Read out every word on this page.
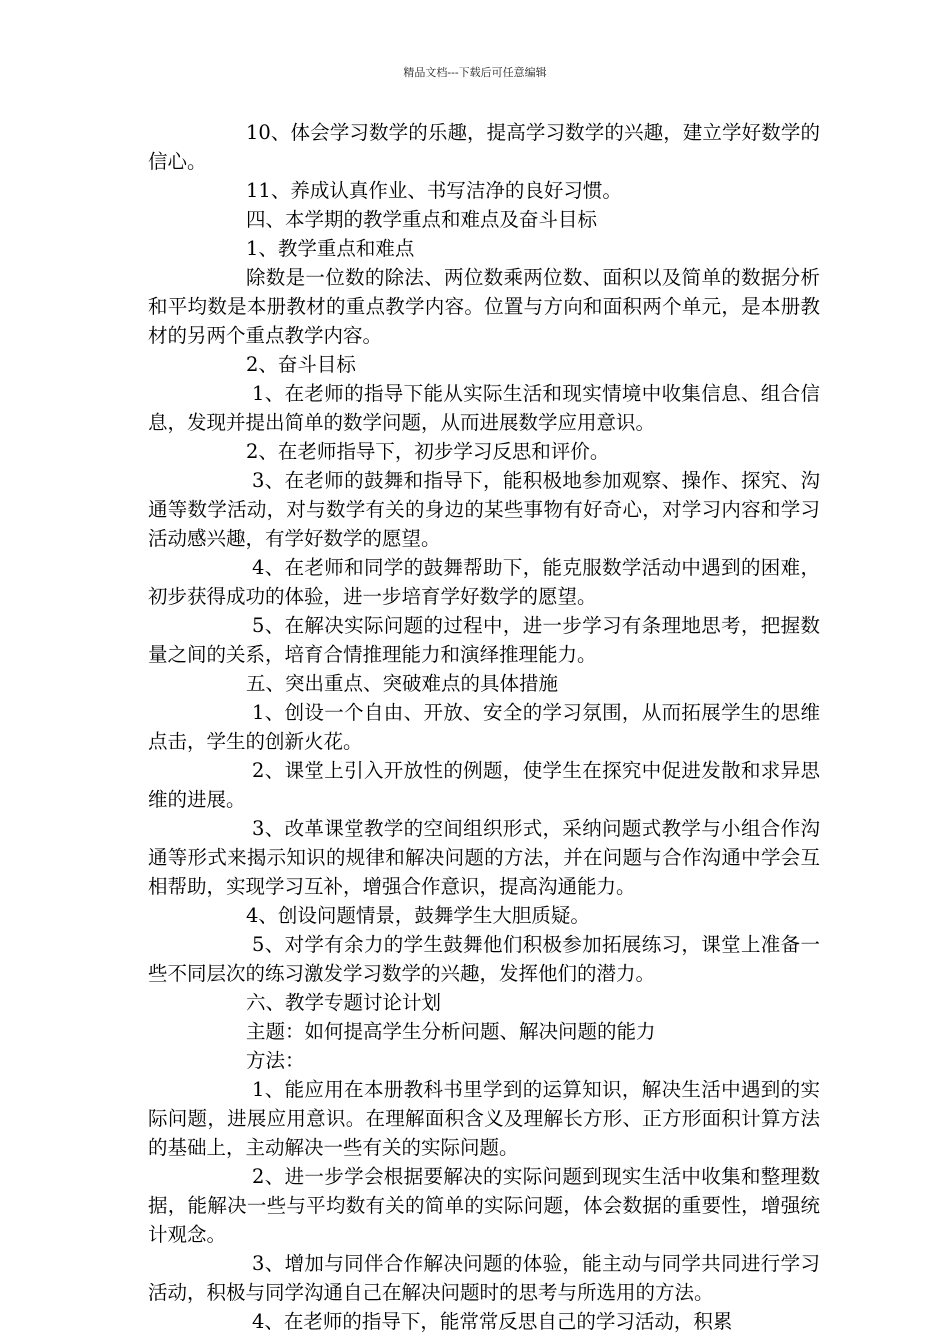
精品文档---下载后可任意编辑

10、体会学习数学的乐趣，提高学习数学的兴趣，建立学好数学的信心。

11、养成认真作业、书写洁净的良好习惯。

四、本学期的教学重点和难点及奋斗目标

1、教学重点和难点

除数是一位数的除法、两位数乘两位数、面积以及简单的数据分析和平均数是本册教材的重点教学内容。位置与方向和面积两个单元，是本册教材的另两个重点教学内容。

2、奋斗目标

1、在老师的指导下能从实际生活和现实情境中收集信息、组合信息，发现并提出简单的数学问题，从而进展数学应用意识。

2、在老师指导下，初步学习反思和评价。

3、在老师的鼓舞和指导下，能积极地参加观察、操作、探究、沟通等数学活动，对与数学有关的身边的某些事物有好奇心，对学习内容和学习活动感兴趣，有学好数学的愿望。

4、在老师和同学的鼓舞帮助下，能克服数学活动中遇到的困难，初步获得成功的体验，进一步培育学好数学的愿望。

5、在解决实际问题的过程中，进一步学习有条理地思考，把握数量之间的关系，培育合情推理能力和演绎推理能力。

五、突出重点、突破难点的具体措施

1、创设一个自由、开放、安全的学习氛围，从而拓展学生的思维点击，学生的创新火花。

2、课堂上引入开放性的例题，使学生在探究中促进发散和求异思维的进展。

3、改革课堂教学的空间组织形式，采纳问题式教学与小组合作沟通等形式来揭示知识的规律和解决问题的方法，并在问题与合作沟通中学会互相帮助，实现学习互补，增强合作意识，提高沟通能力。

4、创设问题情景，鼓舞学生大胆质疑。

5、对学有余力的学生鼓舞他们积极参加拓展练习，课堂上准备一些不同层次的练习激发学习数学的兴趣，发挥他们的潜力。

六、教学专题讨论计划

主题：如何提高学生分析问题、解决问题的能力

方法：

1、能应用在本册教科书里学到的运算知识，解决生活中遇到的实际问题，进展应用意识。在理解面积含义及理解长方形、正方形面积计算方法的基础上，主动解决一些有关的实际问题。

2、进一步学会根据要解决的实际问题到现实生活中收集和整理数据，能解决一些与平均数有关的简单的实际问题，体会数据的重要性，增强统计观念。

3、增加与同伴合作解决问题的体验，能主动与同学共同进行学习活动，积极与同学沟通自己在解决问题时的思考与所选用的方法。

4、在老师的指导下，能常常反思自己的学习活动，积累
